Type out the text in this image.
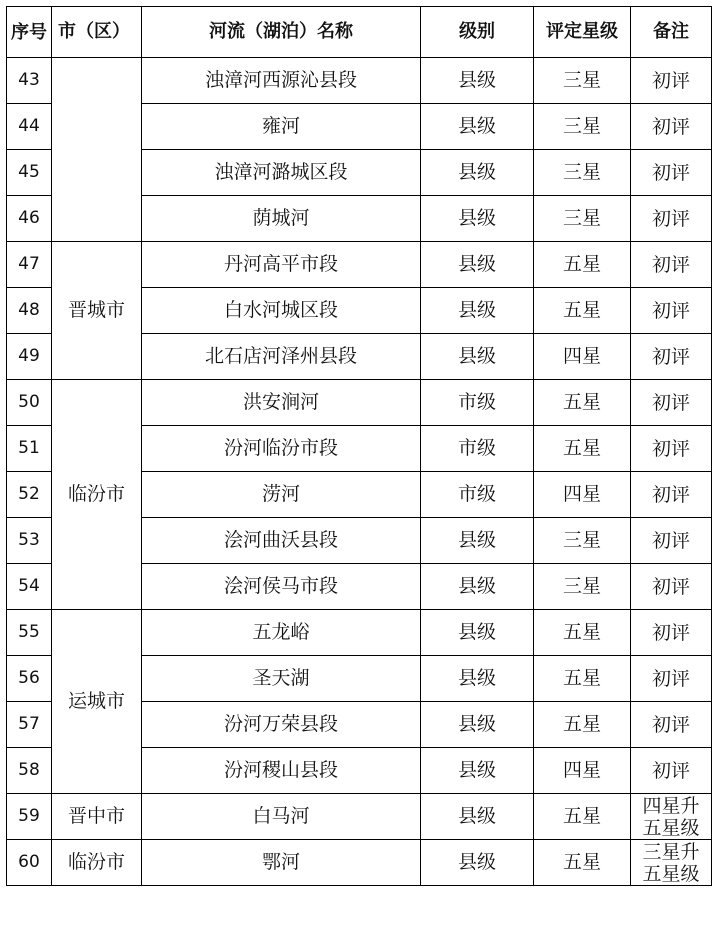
序号	市（区）	河流（湖泊）名称	级别	评定星级	备注
43		浊漳河西源沁县段	县级	三星	初评
44		雍河	县级	三星	初评
45		浊漳河潞城区段	县级	三星	初评
46		荫城河	县级	三星	初评
47	晋城市	丹河高平市段	县级	五星	初评
48		白水河城区段	县级	五星	初评
49		北石店河泽州县段	县级	四星	初评
50	临汾市	洪安涧河	市级	五星	初评
51		汾河临汾市段	市级	五星	初评
52		涝河	市级	四星	初评
53		浍河曲沃县段	县级	三星	初评
54		浍河侯马市段	县级	三星	初评
55	运城市	五龙峪	县级	五星	初评
56		圣天湖	县级	五星	初评
57		汾河万荣县段	县级	五星	初评
58		汾河稷山县段	县级	四星	初评
59	晋中市	白马河	县级	五星	四星升
五星级
60	临汾市	鄂河	县级	五星	三星升
五星级
